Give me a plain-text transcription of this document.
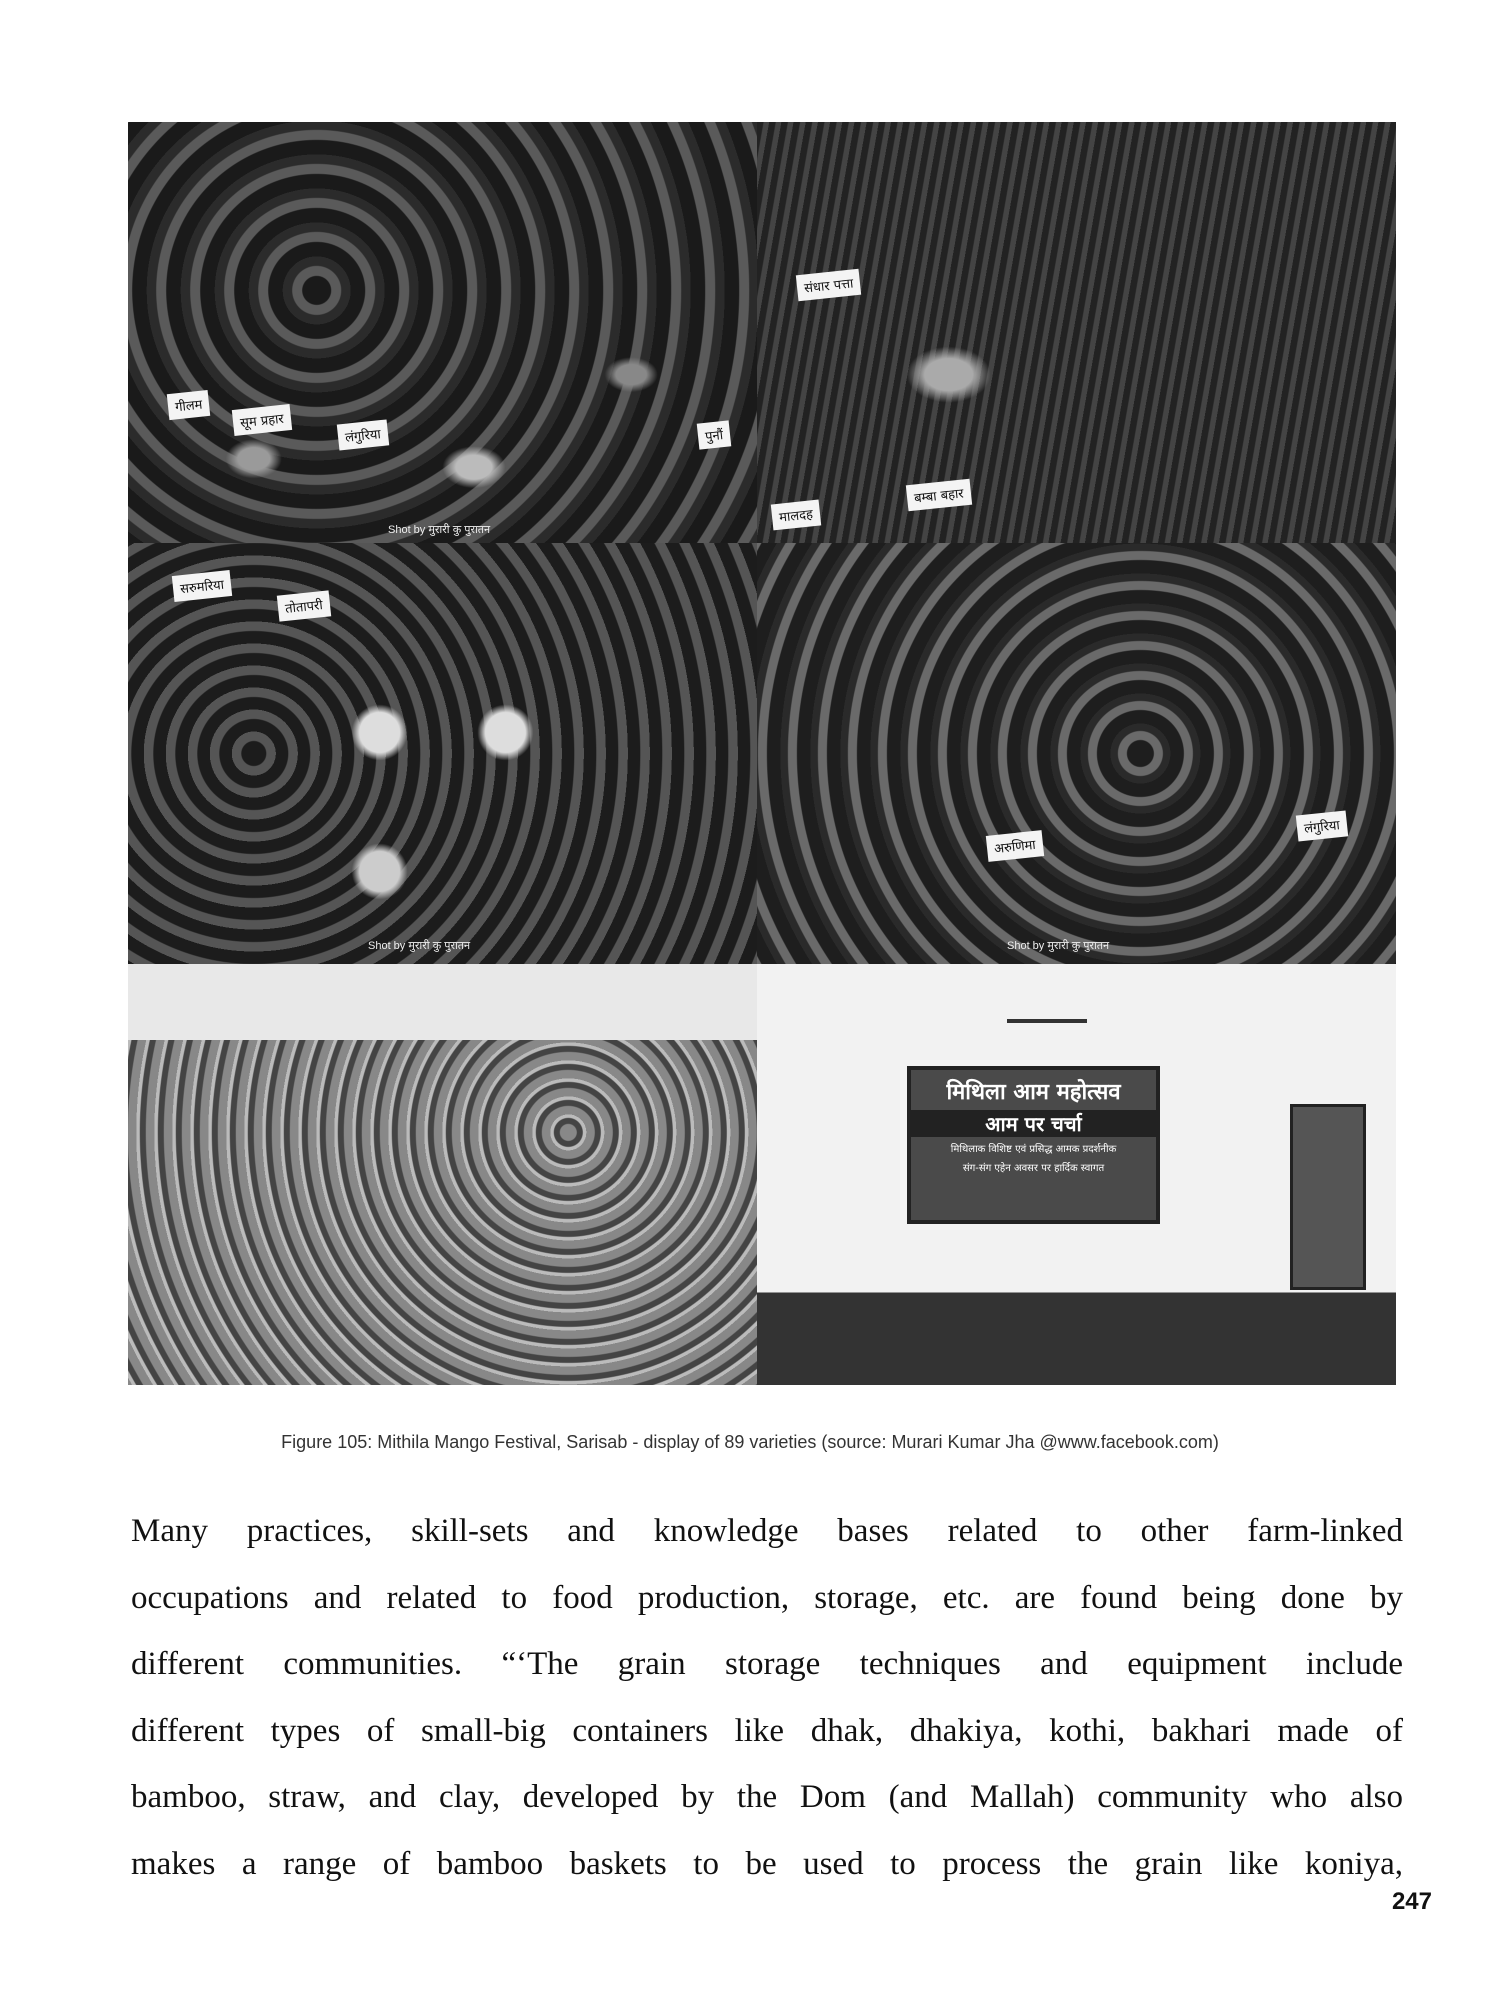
गीलम
सूम प्रहार
लंगुरिया	पुनौं
Shot by मुरारी कु पुरातन
संधार पत्ता
मालदह
बम्बा बहार
सरुमरिया
तोतापरी
Shot by मुरारी कु पुरातन
अरुणिमा
लंगुरिया
Shot by मुरारी कु पुरातन
मिथिला आम महोत्सव
आम पर चर्चा
मिथिलाक विशिष्ट एवं प्रसिद्ध आमक प्रदर्शनीक
संग-संग एहेन अवसर पर हार्दिक स्वागत
Figure 105: Mithila Mango Festival, Sarisab - display of 89 varieties (source: Murari Kumar Jha @www.facebook.com)
Many practices, skill-sets and knowledge bases related to other farm-linked
occupations and related to food production, storage, etc. are found being done by
different communities. “‘The grain storage techniques and equipment include
different types of small-big containers like dhak, dhakiya, kothi, bakhari made of
bamboo, straw, and clay, developed by the Dom (and Mallah) community who also
makes a range of bamboo baskets to be used to process the grain like koniya,
247
